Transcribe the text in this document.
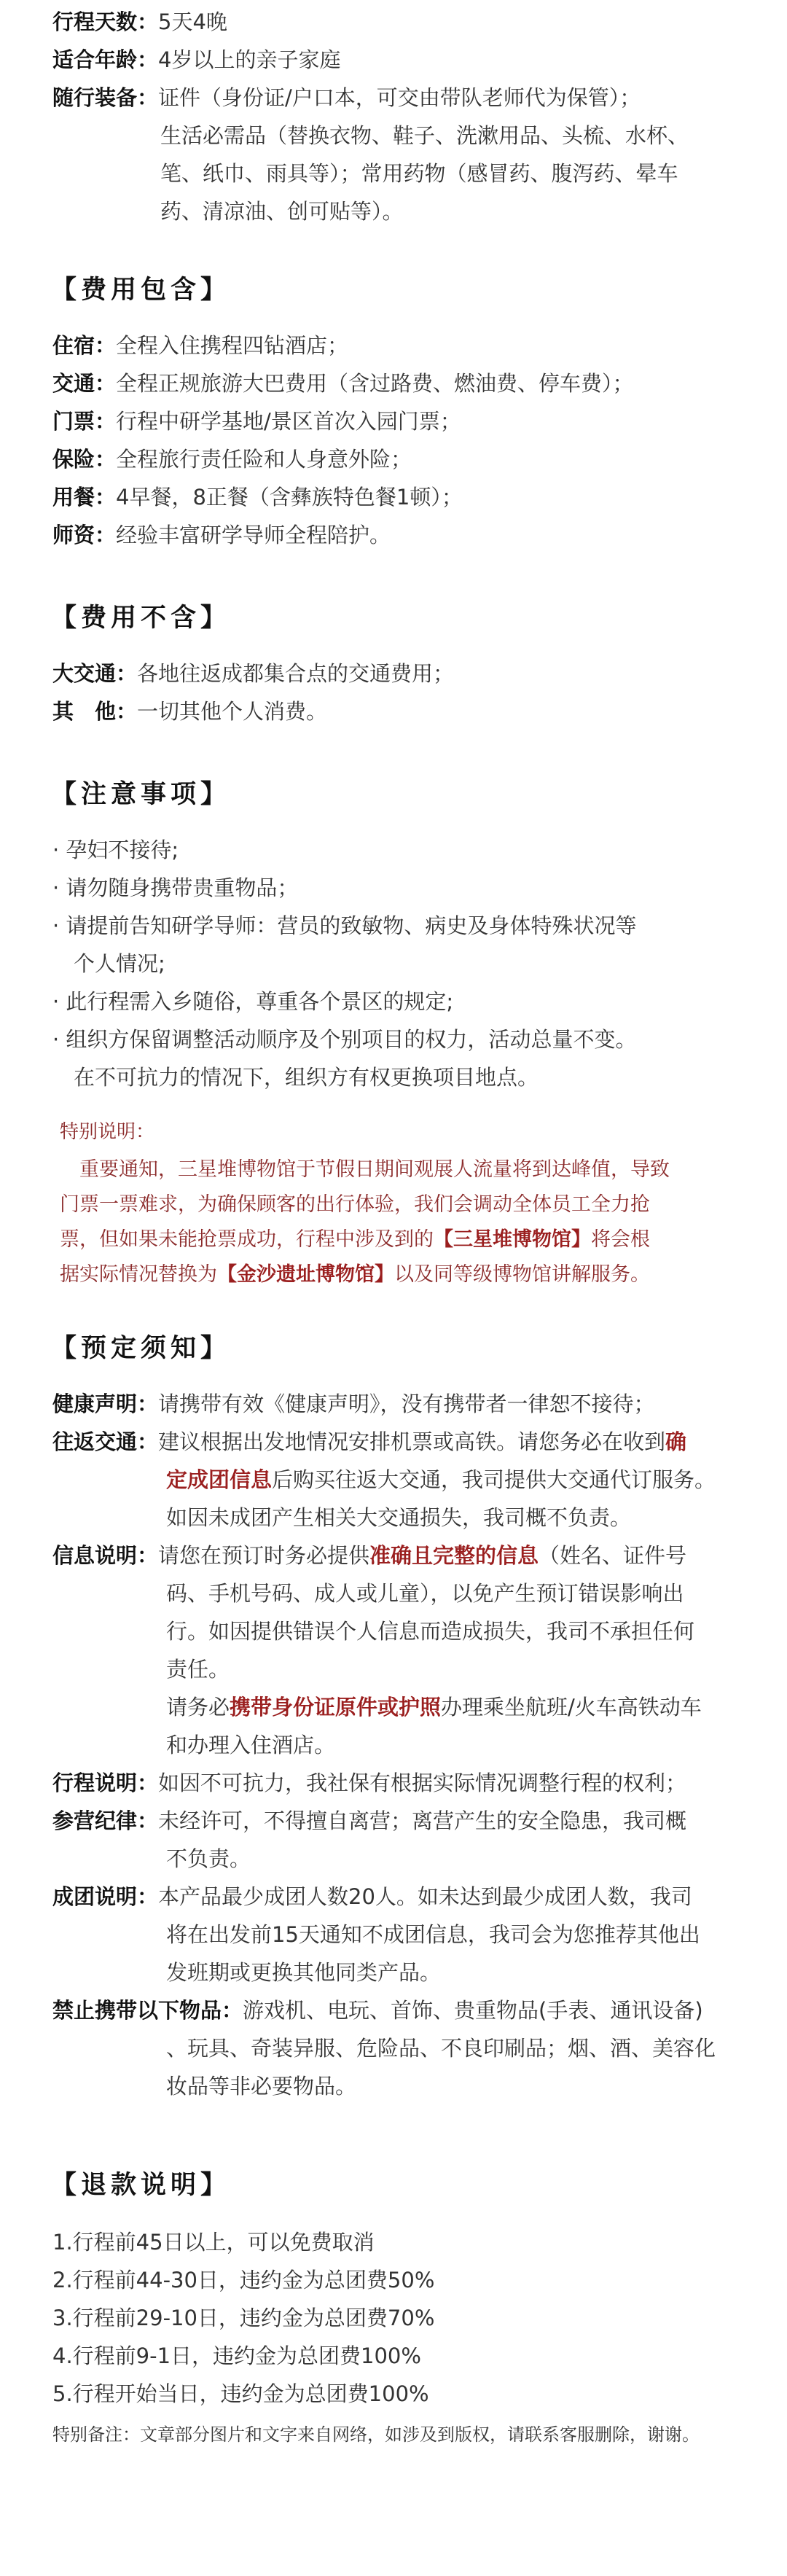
行程天数：5天4晚
适合年龄：4岁以上的亲子家庭
随行装备：证件（身份证/户口本，可交由带队老师代为保管）；
生活必需品（替换衣物、鞋子、洗漱用品、头梳、水杯、
笔、纸巾、雨具等）；常用药物（感冒药、腹泻药、晕车
药、清凉油、创可贴等）。
【费用包含】
住宿：全程入住携程四钻酒店；
交通：全程正规旅游大巴费用（含过路费、燃油费、停车费）；
门票：行程中研学基地/景区首次入园门票；
保险：全程旅行责任险和人身意外险；
用餐：4早餐，8正餐（含彝族特色餐1顿）；
师资：经验丰富研学导师全程陪护。
【费用不含】
大交通：各地往返成都集合点的交通费用；
其　他：一切其他个人消费。
【注意事项】
· 孕妇不接待;
· 请勿随身携带贵重物品；
· 请提前告知研学导师：营员的致敏物、病史及身体特殊状况等
　个人情况;
· 此行程需入乡随俗，尊重各个景区的规定;
· 组织方保留调整活动顺序及个别项目的权力，活动总量不变。
　在不可抗力的情况下，组织方有权更换项目地点。
特别说明：
　重要通知，三星堆博物馆于节假日期间观展人流量将到达峰值，导致
门票一票难求，为确保顾客的出行体验，我们会调动全体员工全力抢
票，但如果未能抢票成功，行程中涉及到的【三星堆博物馆】将会根
据实际情况替换为【金沙遗址博物馆】以及同等级博物馆讲解服务。
【预定须知】
健康声明：请携带有效《健康声明》，没有携带者一律恕不接待；
往返交通：建议根据出发地情况安排机票或高铁。请您务必在收到确
定成团信息后购买往返大交通，我司提供大交通代订服务。
如因未成团产生相关大交通损失，我司概不负责。
信息说明：请您在预订时务必提供准确且完整的信息（姓名、证件号
码、手机号码、成人或儿童），以免产生预订错误影响出
行。如因提供错误个人信息而造成损失，我司不承担任何
责任。
请务必携带身份证原件或护照办理乘坐航班/火车高铁动车
和办理入住酒店。
行程说明：如因不可抗力，我社保有根据实际情况调整行程的权利；
参营纪律：未经许可，不得擅自离营；离营产生的安全隐患，我司概
不负责。
成团说明：本产品最少成团人数20人。如未达到最少成团人数，我司
将在出发前15天通知不成团信息，我司会为您推荐其他出
发班期或更换其他同类产品。
禁止携带以下物品：游戏机、电玩、首饰、贵重物品(手表、通讯设备)
、玩具、奇装异服、危险品、不良印刷品；烟、酒、美容化
妆品等非必要物品。
【退款说明】
1.行程前45日以上，可以免费取消
2.行程前44-30日，违约金为总团费50%
3.行程前29-10日，违约金为总团费70%
4.行程前9-1日，违约金为总团费100%
5.行程开始当日，违约金为总团费100%
特别备注：文章部分图片和文字来自网络，如涉及到版权，请联系客服删除，谢谢。
